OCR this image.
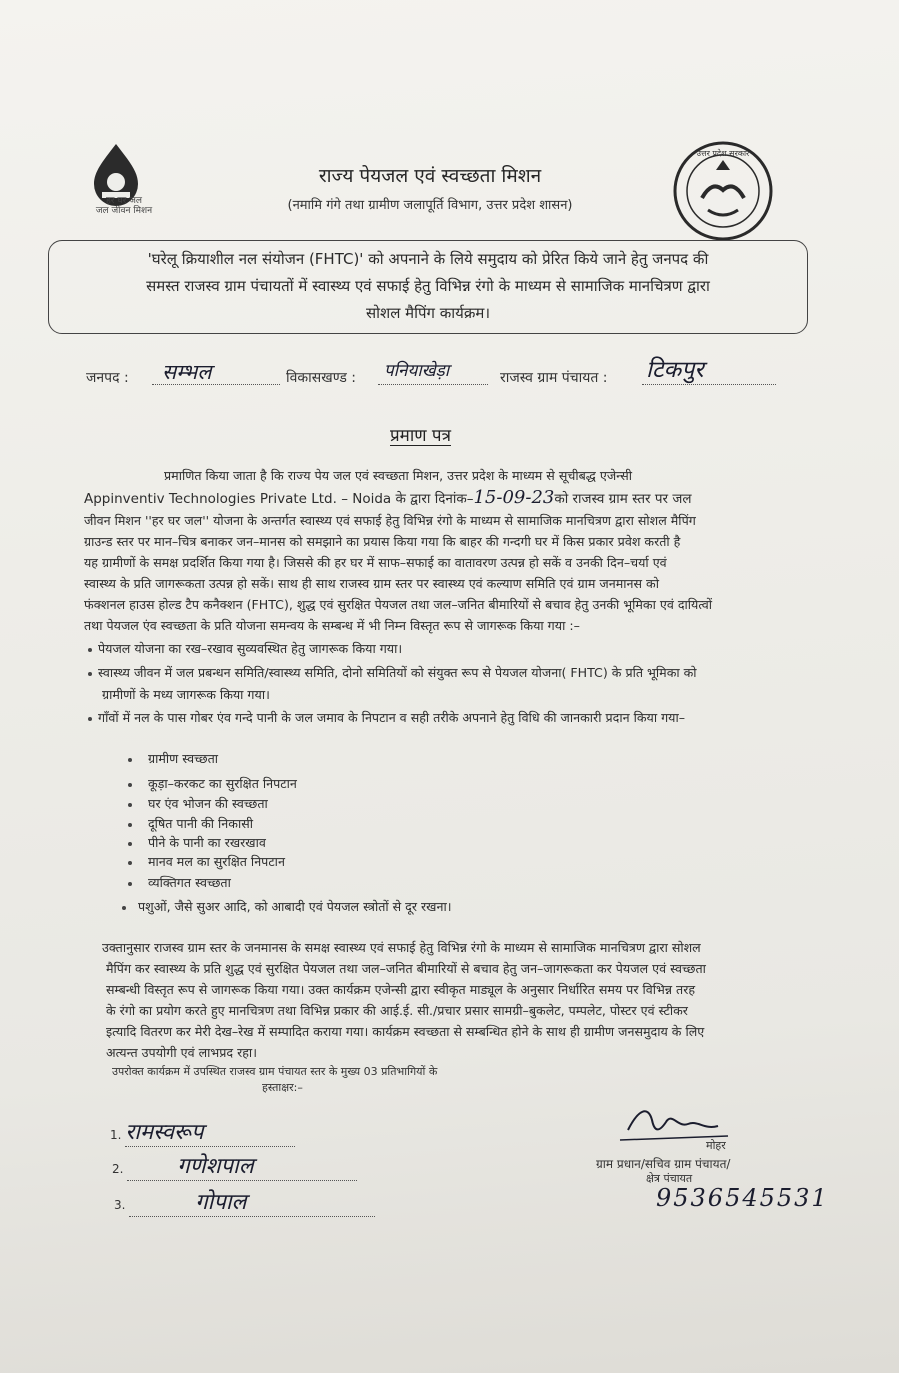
हर घर जल
जल जीवन मिशन
उत्तर प्रदेश सरकार
राज्य पेयजल एवं स्वच्छता मिशन
(नमामि गंगे तथा ग्रामीण जलापूर्ति विभाग, उत्तर प्रदेश शासन)
'घरेलू क्रियाशील नल संयोजन (FHTC)' को अपनाने के लिये समुदाय को प्रेरित किये जाने हेतु जनपद की
समस्त राजस्व ग्राम पंचायतों में स्वास्थ्य एवं सफाई हेतु विभिन्न रंगो के माध्यम से सामाजिक मानचित्रण द्वारा
सोशल मैपिंग कार्यक्रम।
जनपद :	सम्भल	विकासखण्ड :	पनियाखेड़ा	राजस्व ग्राम पंचायत : टिकपुर
प्रमाण पत्र
प्रमाणित किया जाता है कि राज्य पेय जल एवं स्वच्छता मिशन, उत्तर प्रदेश के माध्यम से सूचीबद्ध एजेन्सी
Appinventiv Technologies Private Ltd. – Noida के द्वारा दिनांक–15-09-23को राजस्व ग्राम स्तर पर जल
जीवन मिशन ''हर घर जल'' योजना के अन्तर्गत स्वास्थ्य एवं सफाई हेतु विभिन्न रंगो के माध्यम से सामाजिक मानचित्रण द्वारा सोशल मैपिंग
ग्राउन्ड स्तर पर मान–चित्र बनाकर जन–मानस को समझाने का प्रयास किया गया कि बाहर की गन्दगी घर में किस प्रकार प्रवेश करती है
यह ग्रामीणों के समक्ष प्रदर्शित किया गया है। जिससे की हर घर में साफ–सफाई का वातावरण उत्पन्न हो सकें व उनकी दिन–चर्या एवं
स्वास्थ्य के प्रति जागरूकता उत्पन्न हो सकें। साथ ही साथ राजस्व ग्राम स्तर पर स्वास्थ्य एवं कल्याण समिति एवं ग्राम जनमानस को
फंक्शनल हाउस होल्ड टैप कनैक्शन (FHTC), शुद्ध एवं सुरक्षित पेयजल तथा जल–जनित बीमारियों से बचाव हेतु उनकी भूमिका एवं दायित्वों
तथा पेयजल एंव स्वच्छता के प्रति योजना समन्वय के सम्बन्ध में भी निम्न विस्तृत रूप से जागरूक किया गया :–
पेयजल योजना का रख–रखाव सुव्यवस्थित हेतु जागरूक किया गया।
स्वास्थ्य जीवन में जल प्रबन्धन समिति/स्वास्थ्य समिति, दोनो समितियों को संयुक्त रूप से पेयजल योजना( FHTC) के प्रति भूमिका को
ग्रामीणों के मध्य जागरूक किया गया।
गाँवों में नल के पास गोबर एंव गन्दे पानी के जल जमाव के निपटान व सही तरीके अपनाने हेतु विधि की जानकारी प्रदान किया गया–
ग्रामीण स्वच्छता
कूड़ा–करकट का सुरक्षित निपटान
घर एंव भोजन की स्वच्छता
दूषित पानी की निकासी
पीने के पानी का रखरखाव
मानव मल का सुरक्षित निपटान
व्यक्तिगत स्वच्छता
पशुओं, जैसे सुअर आदि, को आबादी एवं पेयजल स्त्रोतों से दूर रखना।
उक्तानुसार राजस्व ग्राम स्तर के जनमानस के समक्ष स्वास्थ्य एवं सफाई हेतु विभिन्न रंगो के माध्यम से सामाजिक मानचित्रण द्वारा सोशल
मैपिंग कर स्वास्थ्य के प्रति शुद्ध एवं सुरक्षित पेयजल तथा जल–जनित बीमारियों से बचाव हेतु जन–जागरूकता कर पेयजल एवं स्वच्छता
सम्बन्धी विस्तृत रूप से जागरूक किया गया। उक्त कार्यक्रम एजेन्सी द्वारा स्वीकृत माड्यूल के अनुसार निर्धारित समय पर विभिन्न तरह
के रंगो का प्रयोग करते हुए मानचित्रण तथा विभिन्न प्रकार की आई.ई. सी./प्रचार प्रसार सामग्री–बुकलेट, पम्पलेट, पोस्टर एवं स्टीकर
इत्यादि वितरण कर मेरी देख–रेख में सम्पादित कराया गया। कार्यक्रम स्वच्छता से सम्बन्धित होने के साथ ही ग्रामीण जनसमुदाय के लिए
अत्यन्त उपयोगी एवं लाभप्रद रहा।
उपरोक्त कार्यक्रम में उपस्थित राजस्व ग्राम पंचायत स्तर के मुख्य 03 प्रतिभागियों के
हस्ताक्षर:–
1. रामस्वरूप
2. गणेशपाल
3.	गोपाल
मोहर
ग्राम प्रधान/सचिव ग्राम पंचायत/
क्षेत्र पंचायत
9536545531
